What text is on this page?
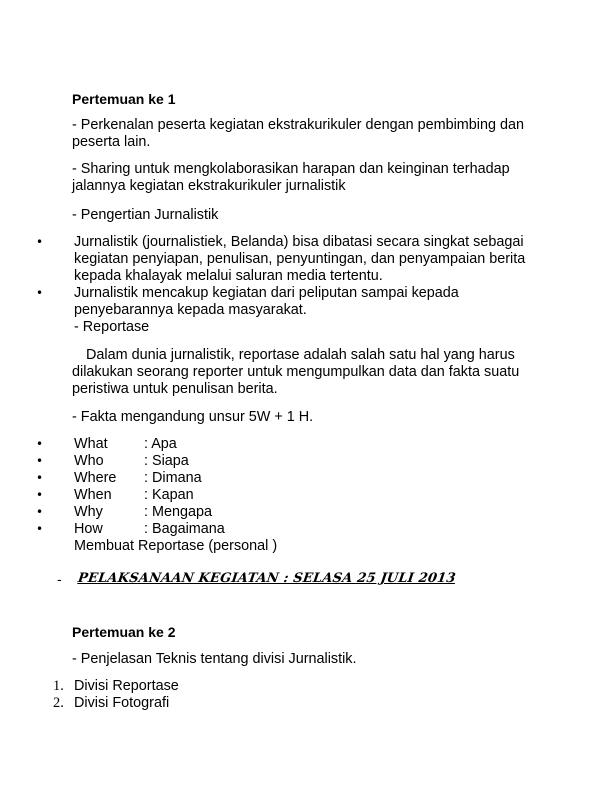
Pertemuan ke 1

- Perkenalan peserta kegiatan ekstrakurikuler dengan pembimbing dan peserta lain.

- Sharing untuk mengkolaborasikan harapan dan keinginan terhadap jalannya kegiatan ekstrakurikuler jurnalistik

- Pengertian Jurnalistik

• Jurnalistik (journalistiek, Belanda) bisa dibatasi secara singkat sebagai kegiatan penyiapan, penulisan, penyuntingan, dan penyampaian berita kepada khalayak melalui saluran media tertentu.
• Jurnalistik mencakup kegiatan dari peliputan sampai kepada penyebarannya kepada masyarakat.
- Reportase

Dalam dunia jurnalistik, reportase adalah salah satu hal yang harus dilakukan seorang reporter untuk mengumpulkan data dan fakta suatu peristiwa untuk penulisan berita.

- Fakta mengandung unsur 5W + 1 H.
• What	: Apa
• Who	: Siapa
• Where : Dimana
• When : Kapan
• Why	: Mengapa
• How	: Bagaimana
Membuat Reportase (personal )
- PELAKSANAAN KEGIATAN : SELASA 25 JULI 2013
Pertemuan ke 2
- Penjelasan Teknis tentang divisi Jurnalistik.
1. Divisi Reportase
2. Divisi Fotografi
